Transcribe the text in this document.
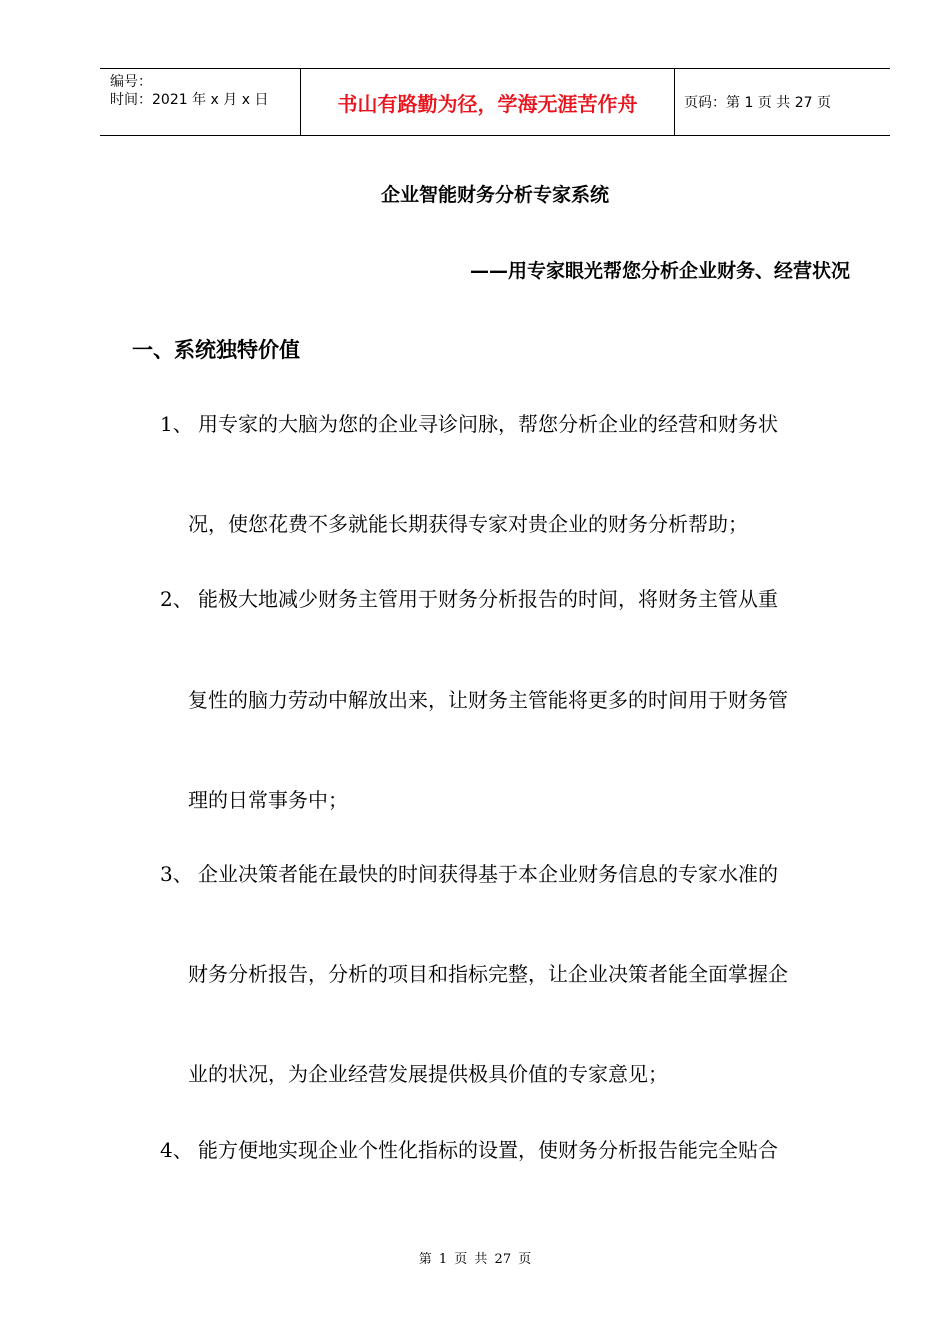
编号：
时间：2021 年 x 月 x 日	书山有路勤为径，学海无涯苦作舟	页码：第 1 页 共 27 页
企业智能财务分析专家系统
——用专家眼光帮您分析企业财务、经营状况
一、系统独特价值
1、 用专家的大脑为您的企业寻诊问脉，帮您分析企业的经营和财务状

况，使您花费不多就能长期获得专家对贵企业的财务分析帮助；

2、 能极大地减少财务主管用于财务分析报告的时间，将财务主管从重

复性的脑力劳动中解放出来，让财务主管能将更多的时间用于财务管

理的日常事务中；

3、 企业决策者能在最快的时间获得基于本企业财务信息的专家水准的

财务分析报告，分析的项目和指标完整，让企业决策者能全面掌握企

业的状况，为企业经营发展提供极具价值的专家意见；

4、 能方便地实现企业个性化指标的设置，使财务分析报告能完全贴合

第 1 页 共 27 页
